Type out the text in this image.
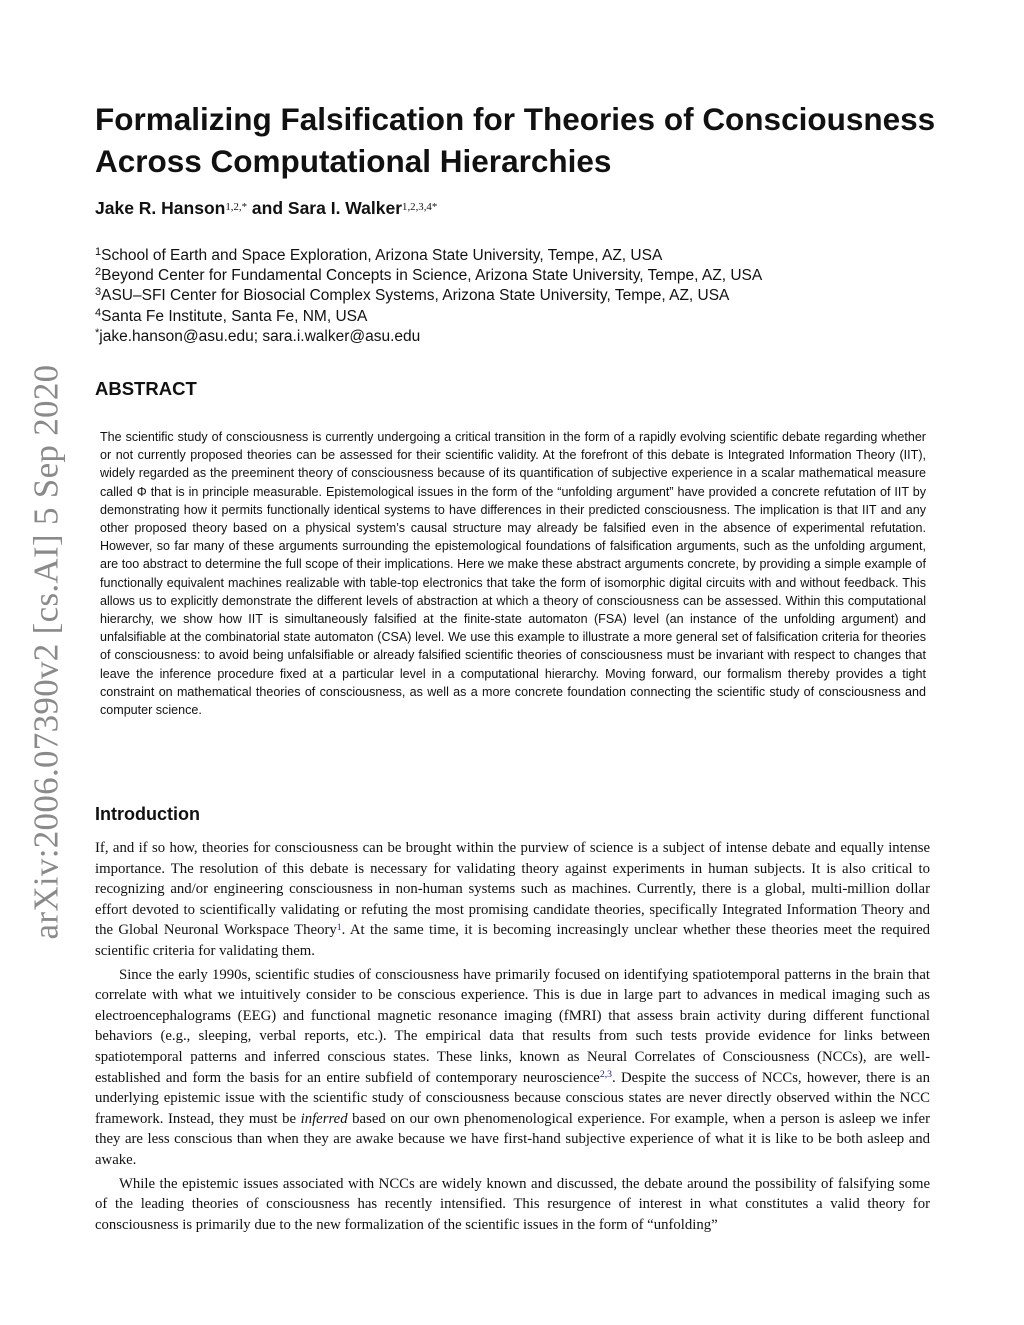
arXiv:2006.07390v2 [cs.AI] 5 Sep 2020
Formalizing Falsification for Theories of Consciousness Across Computational Hierarchies
Jake R. Hanson$^{1,2,*}$ and Sara I. Walker$^{1,2,3,4*}$
$^1$School of Earth and Space Exploration, Arizona State University, Tempe, AZ, USA
$^2$Beyond Center for Fundamental Concepts in Science, Arizona State University, Tempe, AZ, USA
$^3$ASU–SFI Center for Biosocial Complex Systems, Arizona State University, Tempe, AZ, USA
$^4$Santa Fe Institute, Santa Fe, NM, USA
*jake.hanson@asu.edu; sara.i.walker@asu.edu
ABSTRACT

The scientific study of consciousness is currently undergoing a critical transition in the form of a rapidly evolving scientific debate regarding whether or not currently proposed theories can be assessed for their scientific validity. At the forefront of this debate is Integrated Information Theory (IIT), widely regarded as the preeminent theory of consciousness because of its quantification of subjective experience in a scalar mathematical measure called Φ that is in principle measurable. Epistemological issues in the form of the “unfolding argument” have provided a concrete refutation of IIT by demonstrating how it permits functionally identical systems to have differences in their predicted consciousness. The implication is that IIT and any other proposed theory based on a physical system’s causal structure may already be falsified even in the absence of experimental refutation. However, so far many of these arguments surrounding the epistemological foundations of falsification arguments, such as the unfolding argument, are too abstract to determine the full scope of their implications. Here we make these abstract arguments concrete, by providing a simple example of functionally equivalent machines realizable with table-top electronics that take the form of isomorphic digital circuits with and without feedback. This allows us to explicitly demonstrate the different levels of abstraction at which a theory of consciousness can be assessed. Within this computational hierarchy, we show how IIT is simultaneously falsified at the finite-state automaton (FSA) level (an instance of the unfolding argument) and unfalsifiable at the combinatorial state automaton (CSA) level. We use this example to illustrate a more general set of falsification criteria for theories of consciousness: to avoid being unfalsifiable or already falsified scientific theories of consciousness must be invariant with respect to changes that leave the inference procedure fixed at a particular level in a computational hierarchy. Moving forward, our formalism thereby provides a tight constraint on mathematical theories of consciousness, as well as a more concrete foundation connecting the scientific study of consciousness and computer science.

Introduction

If, and if so how, theories for consciousness can be brought within the purview of science is a subject of intense debate and equally intense importance. The resolution of this debate is necessary for validating theory against experiments in human subjects. It is also critical to recognizing and/or engineering consciousness in non-human systems such as machines. Currently, there is a global, multi-million dollar effort devoted to scientifically validating or refuting the most promising candidate theories, specifically Integrated Information Theory and the Global Neuronal Workspace Theory$^1$. At the same time, it is becoming increasingly unclear whether these theories meet the required scientific criteria for validating them.

Since the early 1990s, scientific studies of consciousness have primarily focused on identifying spatiotemporal patterns in the brain that correlate with what we intuitively consider to be conscious experience. This is due in large part to advances in medical imaging such as electroencephalograms (EEG) and functional magnetic resonance imaging (fMRI) that assess brain activity during different functional behaviors (e.g., sleeping, verbal reports, etc.). The empirical data that results from such tests provide evidence for links between spatiotemporal patterns and inferred conscious states. These links, known as Neural Correlates of Consciousness (NCCs), are well-established and form the basis for an entire subfield of contemporary neuroscience$^{2,3}$. Despite the success of NCCs, however, there is an underlying epistemic issue with the scientific study of consciousness because conscious states are never directly observed within the NCC framework. Instead, they must be inferred based on our own phenomenological experience. For example, when a person is asleep we infer they are less conscious than when they are awake because we have first-hand subjective experience of what it is like to be both asleep and awake.

While the epistemic issues associated with NCCs are widely known and discussed, the debate around the possibility of falsifying some of the leading theories of consciousness has recently intensified. This resurgence of interest in what constitutes a valid theory for consciousness is primarily due to the new formalization of the scientific issues in the form of “unfolding”
